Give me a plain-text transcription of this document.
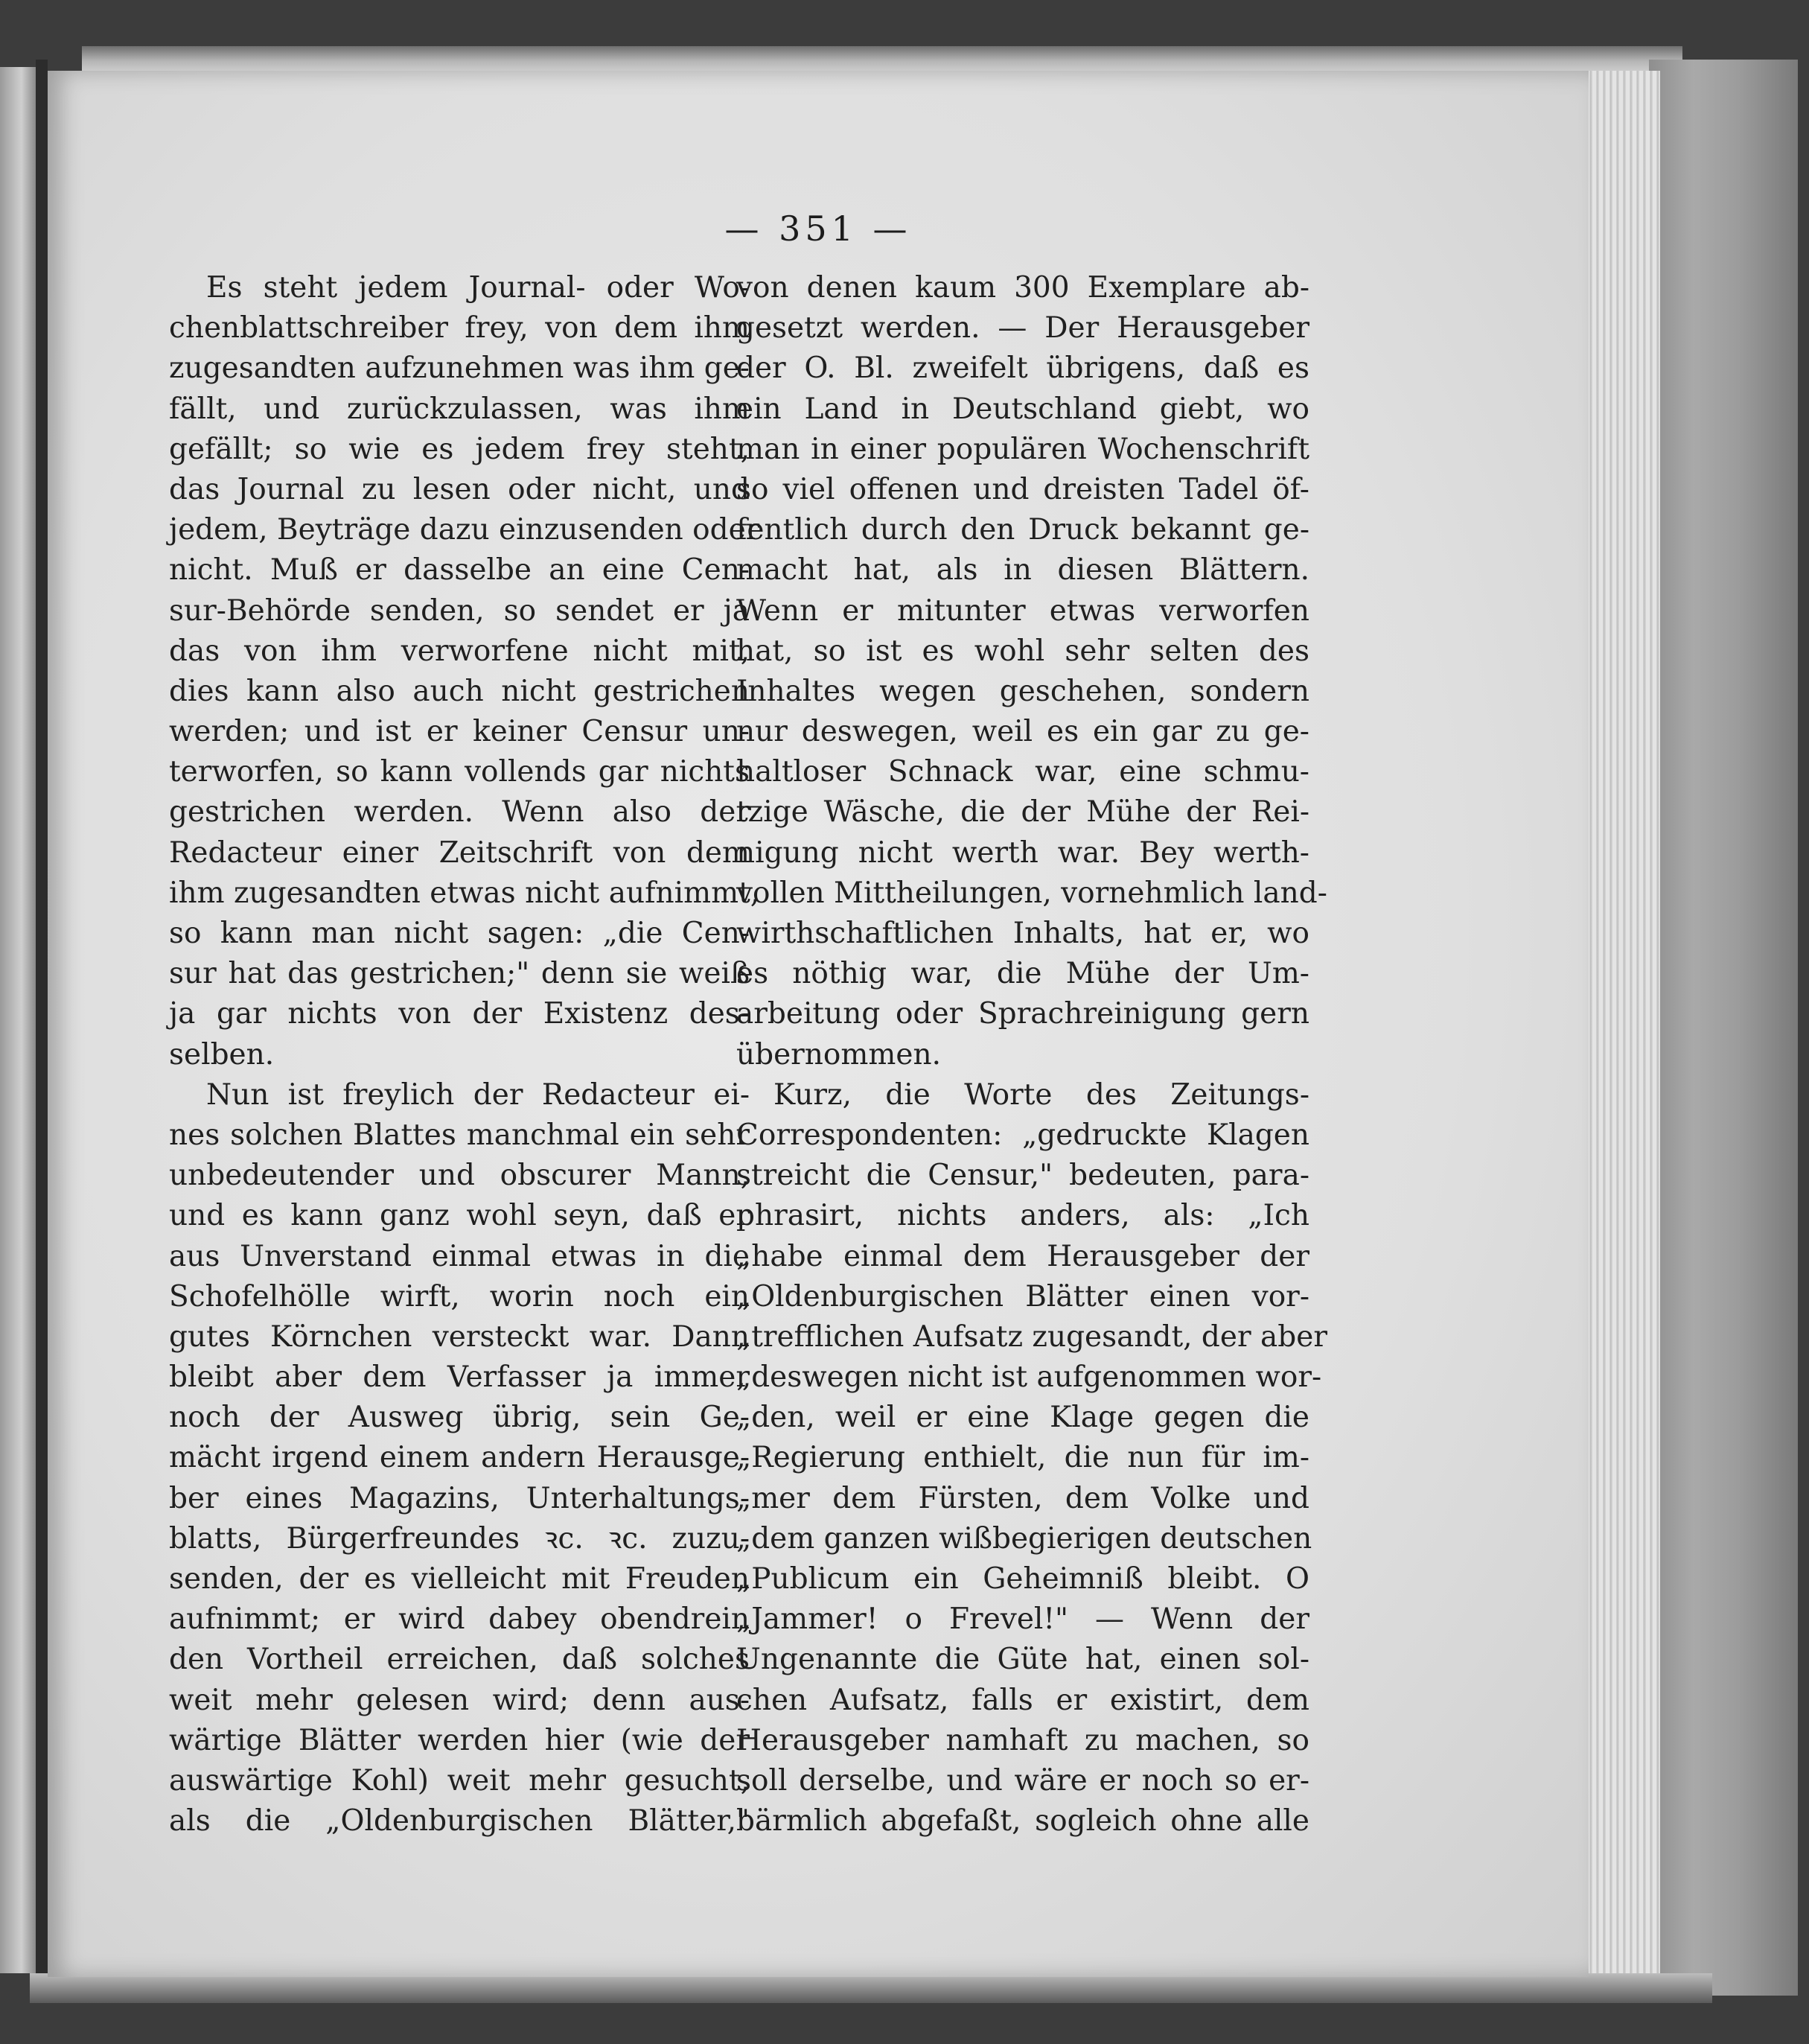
— 351 —
Es steht jedem Journal- oder Wo-
chenblattschreiber frey, von dem ihm
zugesandten aufzunehmen was ihm ge-
fällt, und zurückzulassen, was ihm
gefällt; so wie es jedem frey steht,
das Journal zu lesen oder nicht, und
jedem, Beyträge dazu einzusenden oder
nicht. Muß er dasselbe an eine Cen-
sur-Behörde senden, so sendet er ja
das von ihm verworfene nicht mit,
dies kann also auch nicht gestrichen
werden; und ist er keiner Censur un-
terworfen, so kann vollends gar nichts
gestrichen werden. Wenn also der
Redacteur einer Zeitschrift von dem
ihm zugesandten etwas nicht aufnimmt,
so kann man nicht sagen: „die Cen-
sur hat das gestrichen;" denn sie weiß
ja gar nichts von der Existenz des-
selben.
Nun ist freylich der Redacteur ei-
nes solchen Blattes manchmal ein sehr
unbedeutender und obscurer Mann,
und es kann ganz wohl seyn, daß er
aus Unverstand einmal etwas in die
Schofelhölle wirft, worin noch ein
gutes Körnchen versteckt war. Dann
bleibt aber dem Verfasser ja immer
noch der Ausweg übrig, sein Ge-
mächt irgend einem andern Herausge-
ber eines Magazins, Unterhaltungs-
blatts, Bürgerfreundes ꝛc. ꝛc. zuzu-
senden, der es vielleicht mit Freuden
aufnimmt; er wird dabey obendrein
den Vortheil erreichen, daß solches
weit mehr gelesen wird; denn aus-
wärtige Blätter werden hier (wie der
auswärtige Kohl) weit mehr gesucht,
als die „Oldenburgischen Blätter,"
von denen kaum 300 Exemplare ab-
gesetzt werden. — Der Herausgeber
der O. Bl. zweifelt übrigens, daß es
ein Land in Deutschland giebt, wo
man in einer populären Wochenschrift
so viel offenen und dreisten Tadel öf-
fentlich durch den Druck bekannt ge-
macht hat, als in diesen Blättern.
Wenn er mitunter etwas verworfen
hat, so ist es wohl sehr selten des
Inhaltes wegen geschehen, sondern
nur deswegen, weil es ein gar zu ge-
haltloser Schnack war, eine schmu-
tzige Wäsche, die der Mühe der Rei-
nigung nicht werth war. Bey werth-
vollen Mittheilungen, vornehmlich land-
wirthschaftlichen Inhalts, hat er, wo
es nöthig war, die Mühe der Um-
arbeitung oder Sprachreinigung gern
übernommen.
Kurz, die Worte des Zeitungs-
Correspondenten: „gedruckte Klagen
streicht die Censur," bedeuten, para-
phrasirt, nichts anders, als: „Ich
„habe einmal dem Herausgeber der
„Oldenburgischen Blätter einen vor-
„trefflichen Aufsatz zugesandt, der aber
„deswegen nicht ist aufgenommen wor-
„den, weil er eine Klage gegen die
„Regierung enthielt, die nun für im-
„mer dem Fürsten, dem Volke und
„dem ganzen wißbegierigen deutschen
„Publicum ein Geheimniß bleibt. O
„Jammer! o Frevel!" — Wenn der
Ungenannte die Güte hat, einen sol-
chen Aufsatz, falls er existirt, dem
Herausgeber namhaft zu machen, so
soll derselbe, und wäre er noch so er-
bärmlich abgefaßt, sogleich ohne alle
